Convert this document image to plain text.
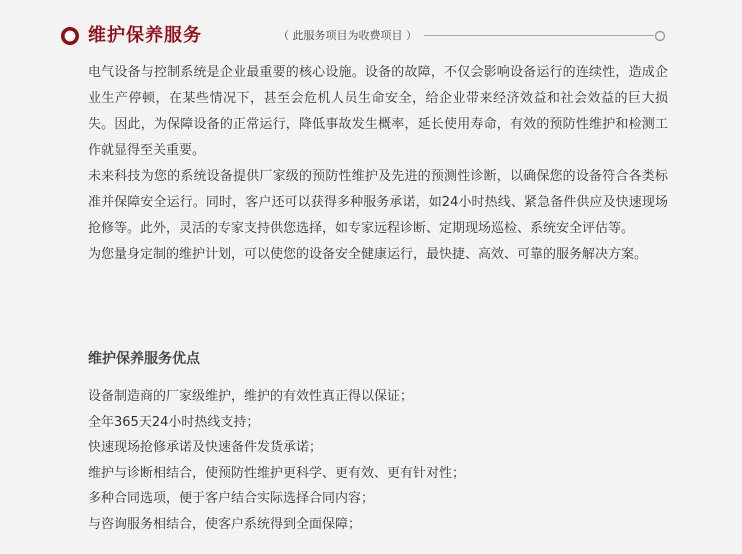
维护保养服务	（ 此服务项目为收费项目 ）

电气设备与控制系统是企业最重要的核心设施。设备的故障，不仅会影响设备运行的连续性，造成企业生产停顿，在某些情况下，甚至会危机人员生命安全，给企业带来经济效益和社会效益的巨大损失。因此，为保障设备的正常运行，降低事故发生概率，延长使用寿命，有效的预防性维护和检测工作就显得至关重要。

未来科技为您的系统设备提供厂家级的预防性维护及先进的预测性诊断，以确保您的设备符合各类标准并保障安全运行。同时，客户还可以获得多种服务承诺，如24小时热线、紧急备件供应及快速现场抢修等。此外，灵活的专家支持供您选择，如专家远程诊断、定期现场巡检、系统安全评估等。

为您量身定制的维护计划，可以使您的设备安全健康运行，最快捷、高效、可靠的服务解决方案。

维护保养服务优点
设备制造商的厂家级维护，维护的有效性真正得以保证；
全年365天24小时热线支持；
快速现场抢修承诺及快速备件发货承诺；
维护与诊断相结合，使预防性维护更科学、更有效、更有针对性；
多种合同选项，便于客户结合实际选择合同内容；
与咨询服务相结合，使客户系统得到全面保障；
